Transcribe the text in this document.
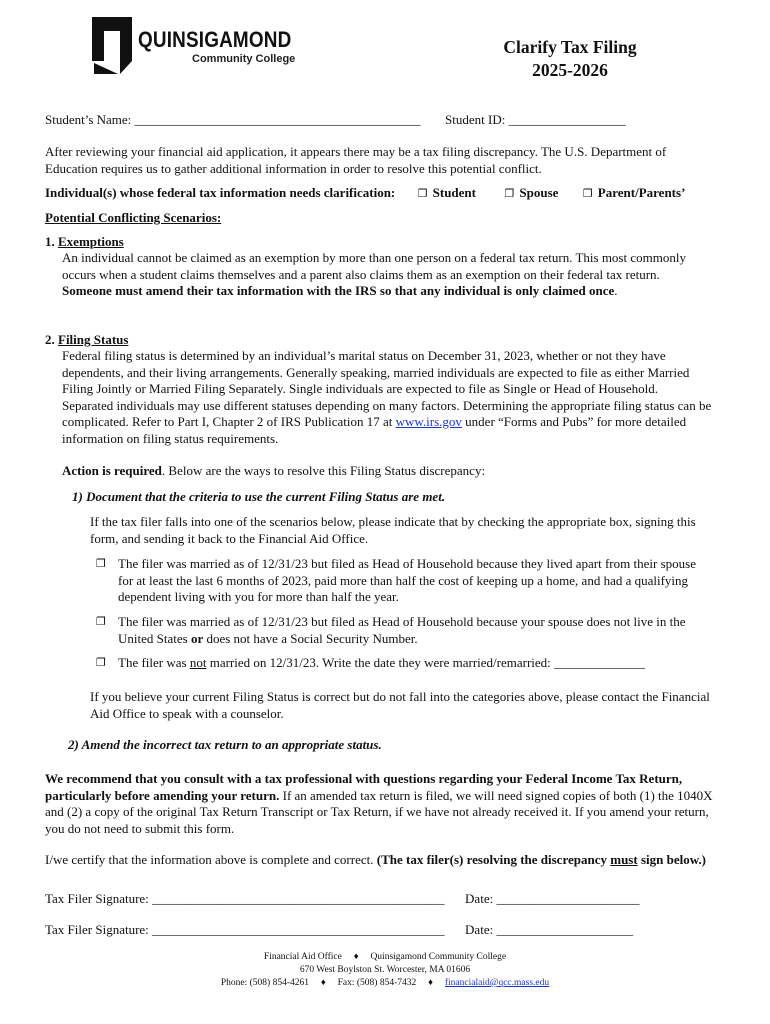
QUINSIGAMOND
Community College
Clarify Tax Filing
2025-2026
Student’s Name: ____________________________________________ Student ID: __________________

After reviewing your financial aid application, it appears there may be a tax filing discrepancy. The U.S. Department of Education requires us to gather additional information in order to resolve this potential conflict.

Individual(s) whose federal tax information needs clarification: ❐ Student	❐ Spouse ❐ Parent/Parents’
Potential Conflicting Scenarios:
1. Exemptions

An individual cannot be claimed as an exemption by more than one person on a federal tax return. This most commonly occurs when a student claims themselves and a parent also claims them as an exemption on their federal tax return. Someone must amend their tax information with the IRS so that any individual is only claimed once.

2. Filing Status

Federal filing status is determined by an individual’s marital status on December 31, 2023, whether or not they have dependents, and their living arrangements. Generally speaking, married individuals are expected to file as either Married Filing Jointly or Married Filing Separately. Single individuals are expected to file as Single or Head of Household. Separated individuals may use different statuses depending on many factors. Determining the appropriate filing status can be complicated. Refer to Part I, Chapter 2 of IRS Publication 17 at www.irs.gov under “Forms and Pubs” for more detailed information on filing status requirements.

Action is required. Below are the ways to resolve this Filing Status discrepancy:
1) Document that the criteria to use the current Filing Status are met.

If the tax filer falls into one of the scenarios below, please indicate that by checking the appropriate box, signing this form, and sending it back to the Financial Aid Office.

❐ The filer was married as of 12/31/23 but filed as Head of Household because they lived apart from their spouse for at least the last 6 months of 2023, paid more than half the cost of keeping up a home, and had a qualifying dependent living with you for more than half the year.

❐ The filer was married as of 12/31/23 but filed as Head of Household because your spouse does not live in the United States or does not have a Social Security Number.

❐ The filer was not married on 12/31/23. Write the date they were married/remarried: ______________

If you believe your current Filing Status is correct but do not fall into the categories above, please contact the Financial Aid Office to speak with a counselor.

2) Amend the incorrect tax return to an appropriate status.

We recommend that you consult with a tax professional with questions regarding your Federal Income Tax Return, particularly before amending your return. If an amended tax return is filed, we will need signed copies of both (1) the 1040X and (2) a copy of the original Tax Return Transcript or Tax Return, if we have not already received it. If you amend your return, you do not need to submit this form.

I/we certify that the information above is complete and correct. (The tax filer(s) resolving the discrepancy must sign below.)

Tax Filer Signature: _____________________________________________ Date: ______________________
Tax Filer Signature: _____________________________________________ Date: _____________________
Financial Aid Office ♦ Quinsigamond Community College
670 West Boylston St. Worcester, MA 01606
Phone: (508) 854-4261 ♦ Fax: (508) 854-7432 ♦ financialaid@qcc.mass.edu
